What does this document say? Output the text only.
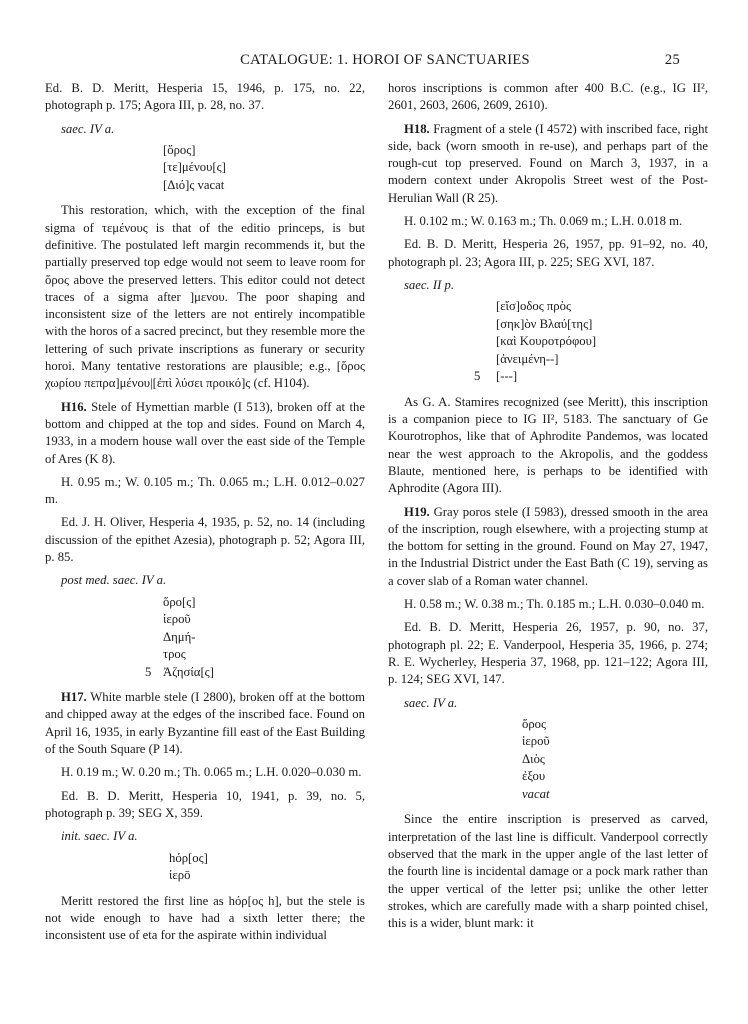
CATALOGUE: 1. HOROI OF SANCTUARIES	25

Ed. B. D. Meritt, Hesperia 15, 1946, p. 175, no. 22, photograph p. 175; Agora III, p. 28, no. 37.

saec. IV a.
[ὅρος]
[τε]μένου[ς]
[Διό]ς vacat

This restoration, which, with the exception of the final sigma of τεμένους is that of the editio princeps, is but definitive. The postulated left margin recommends it, but the partially preserved top edge would not seem to leave room for ὅρος above the preserved letters. This editor could not detect traces of a sigma after ]μενου. The poor shaping and inconsistent size of the letters are not entirely incompatible with the horos of a sacred precinct, but they resemble more the lettering of such private inscriptions as funerary or security horoi. Many tentative restorations are plausible; e.g., [ὅρος χωρίου πεπρα]μένου|[ἐπὶ λύσει προικό]ς (cf. H104).

H16. Stele of Hymettian marble (I 513), broken off at the bottom and chipped at the top and sides. Found on March 4, 1933, in a modern house wall over the east side of the Temple of Ares (K 8).

H. 0.95 m.; W. 0.105 m.; Th. 0.065 m.; L.H. 0.012–0.027 m.

Ed. J. H. Oliver, Hesperia 4, 1935, p. 52, no. 14 (including discussion of the epithet Azesia), photograph p. 52; Agora III, p. 85.

post med. saec. IV a.
ὅρο[ς]
ἱεροῦ
Δημή-
τρος
5 Ἀζησία[ς]

H17. White marble stele (I 2800), broken off at the bottom and chipped away at the edges of the inscribed face. Found on April 16, 1935, in early Byzantine fill east of the East Building of the South Square (P 14).

H. 0.19 m.; W. 0.20 m.; Th. 0.065 m.; L.H. 0.020–0.030 m.

Ed. B. D. Meritt, Hesperia 10, 1941, p. 39, no. 5, photograph p. 39; SEG X, 359.

init. saec. IV a.
hόρ[ος]
ἱερō

Meritt restored the first line as hόρ[ος h], but the stele is not wide enough to have had a sixth letter there; the inconsistent use of eta for the aspirate within individual

horos inscriptions is common after 400 B.C. (e.g., IG II², 2601, 2603, 2606, 2609, 2610).

H18. Fragment of a stele (I 4572) with inscribed face, right side, back (worn smooth in re-use), and perhaps part of the rough-cut top preserved. Found on March 3, 1937, in a modern context under Akropolis Street west of the Post-Herulian Wall (R 25).

H. 0.102 m.; W. 0.163 m.; Th. 0.069 m.; L.H. 0.018 m.

Ed. B. D. Meritt, Hesperia 26, 1957, pp. 91–92, no. 40, photograph pl. 23; Agora III, p. 225; SEG XVI, 187.

saec. II p.
[εἴσ]οδος πρὸς
[σηκ]ὸν Βλαύ[της]
[καὶ Κουροτρόφου]
[ἀνειμένη--]
5 [---]

As G. A. Stamires recognized (see Meritt), this inscription is a companion piece to IG II², 5183. The sanctuary of Ge Kourotrophos, like that of Aphrodite Pandemos, was located near the west approach to the Akropolis, and the goddess Blaute, mentioned here, is perhaps to be identified with Aphrodite (Agora III).

H19. Gray poros stele (I 5983), dressed smooth in the area of the inscription, rough elsewhere, with a projecting stump at the bottom for setting in the ground. Found on May 27, 1947, in the Industrial District under the East Bath (C 19), serving as a cover slab of a Roman water channel.

H. 0.58 m.; W. 0.38 m.; Th. 0.185 m.; L.H. 0.030–0.040 m.

Ed. B. D. Meritt, Hesperia 26, 1957, p. 90, no. 37, photograph pl. 22; E. Vanderpool, Hesperia 35, 1966, p. 274; R. E. Wycherley, Hesperia 37, 1968, pp. 121–122; Agora III, p. 124; SEG XVI, 147.

saec. IV a.
ὅρος
ἱεροῦ
Διὸς
ἐξου
vacat

Since the entire inscription is preserved as carved, interpretation of the last line is difficult. Vanderpool correctly observed that the mark in the upper angle of the last letter of the fourth line is incidental damage or a pock mark rather than the upper vertical of the letter psi; unlike the other letter strokes, which are carefully made with a sharp pointed chisel, this is a wider, blunt mark: it
